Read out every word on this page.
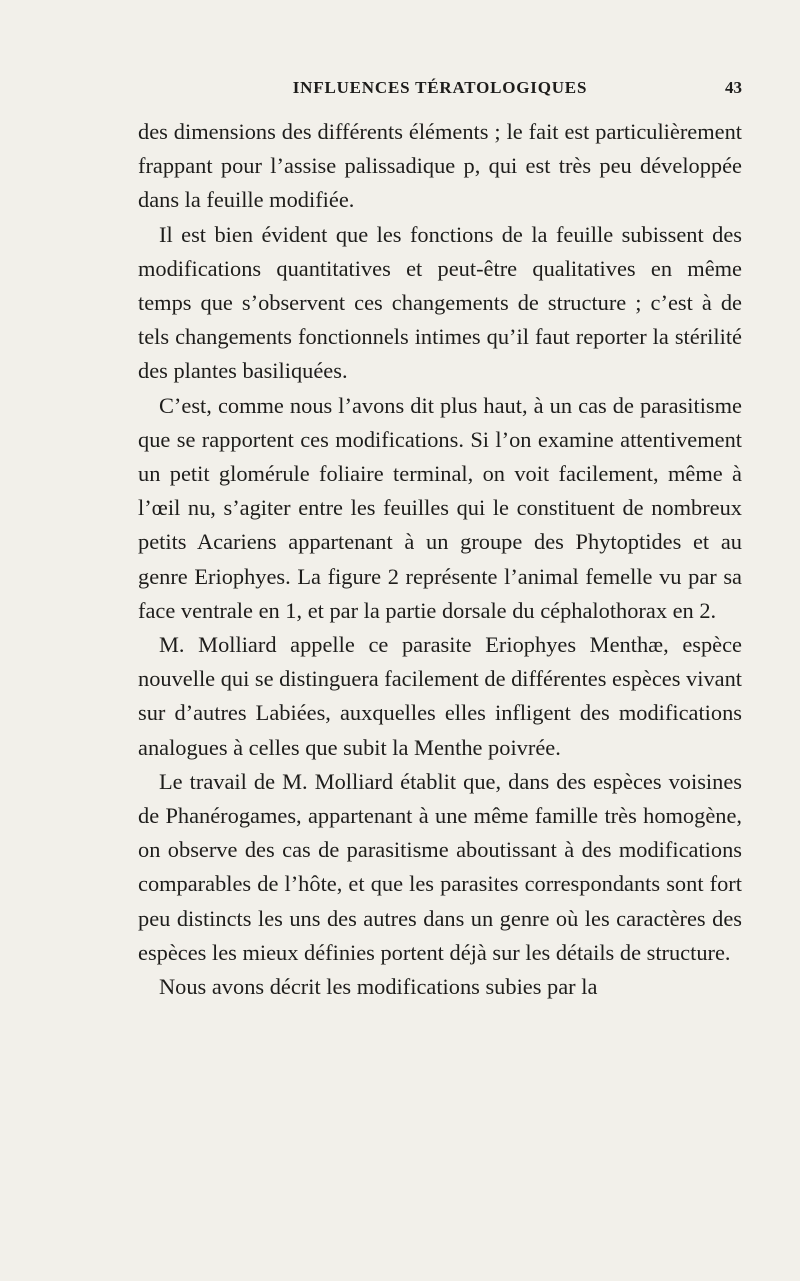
INFLUENCES TÉRATOLOGIQUES	43

des dimensions des différents éléments ; le fait est particulièrement frappant pour l’assise palissadique p, qui est très peu développée dans la feuille modifiée.

Il est bien évident que les fonctions de la feuille subissent des modifications quantitatives et peut-être qualitatives en même temps que s’observent ces changements de structure ; c’est à de tels changements fonctionnels intimes qu’il faut reporter la stérilité des plantes basiliquées.

C’est, comme nous l’avons dit plus haut, à un cas de parasitisme que se rapportent ces modifications. Si l’on examine attentivement un petit glomérule foliaire terminal, on voit facilement, même à l’œil nu, s’agiter entre les feuilles qui le constituent de nombreux petits Acariens appartenant à un groupe des Phytoptides et au genre Eriophyes. La figure 2 représente l’animal femelle vu par sa face ventrale en 1, et par la partie dorsale du céphalothorax en 2.

M. Molliard appelle ce parasite Eriophyes Menthæ, espèce nouvelle qui se distinguera facilement de différentes espèces vivant sur d’autres Labiées, auxquelles elles infligent des modifications analogues à celles que subit la Menthe poivrée.

Le travail de M. Molliard établit que, dans des espèces voisines de Phanérogames, appartenant à une même famille très homogène, on observe des cas de parasitisme aboutissant à des modifications comparables de l’hôte, et que les parasites correspondants sont fort peu distincts les uns des autres dans un genre où les caractères des espèces les mieux définies portent déjà sur les détails de structure.

Nous avons décrit les modifications subies par la
